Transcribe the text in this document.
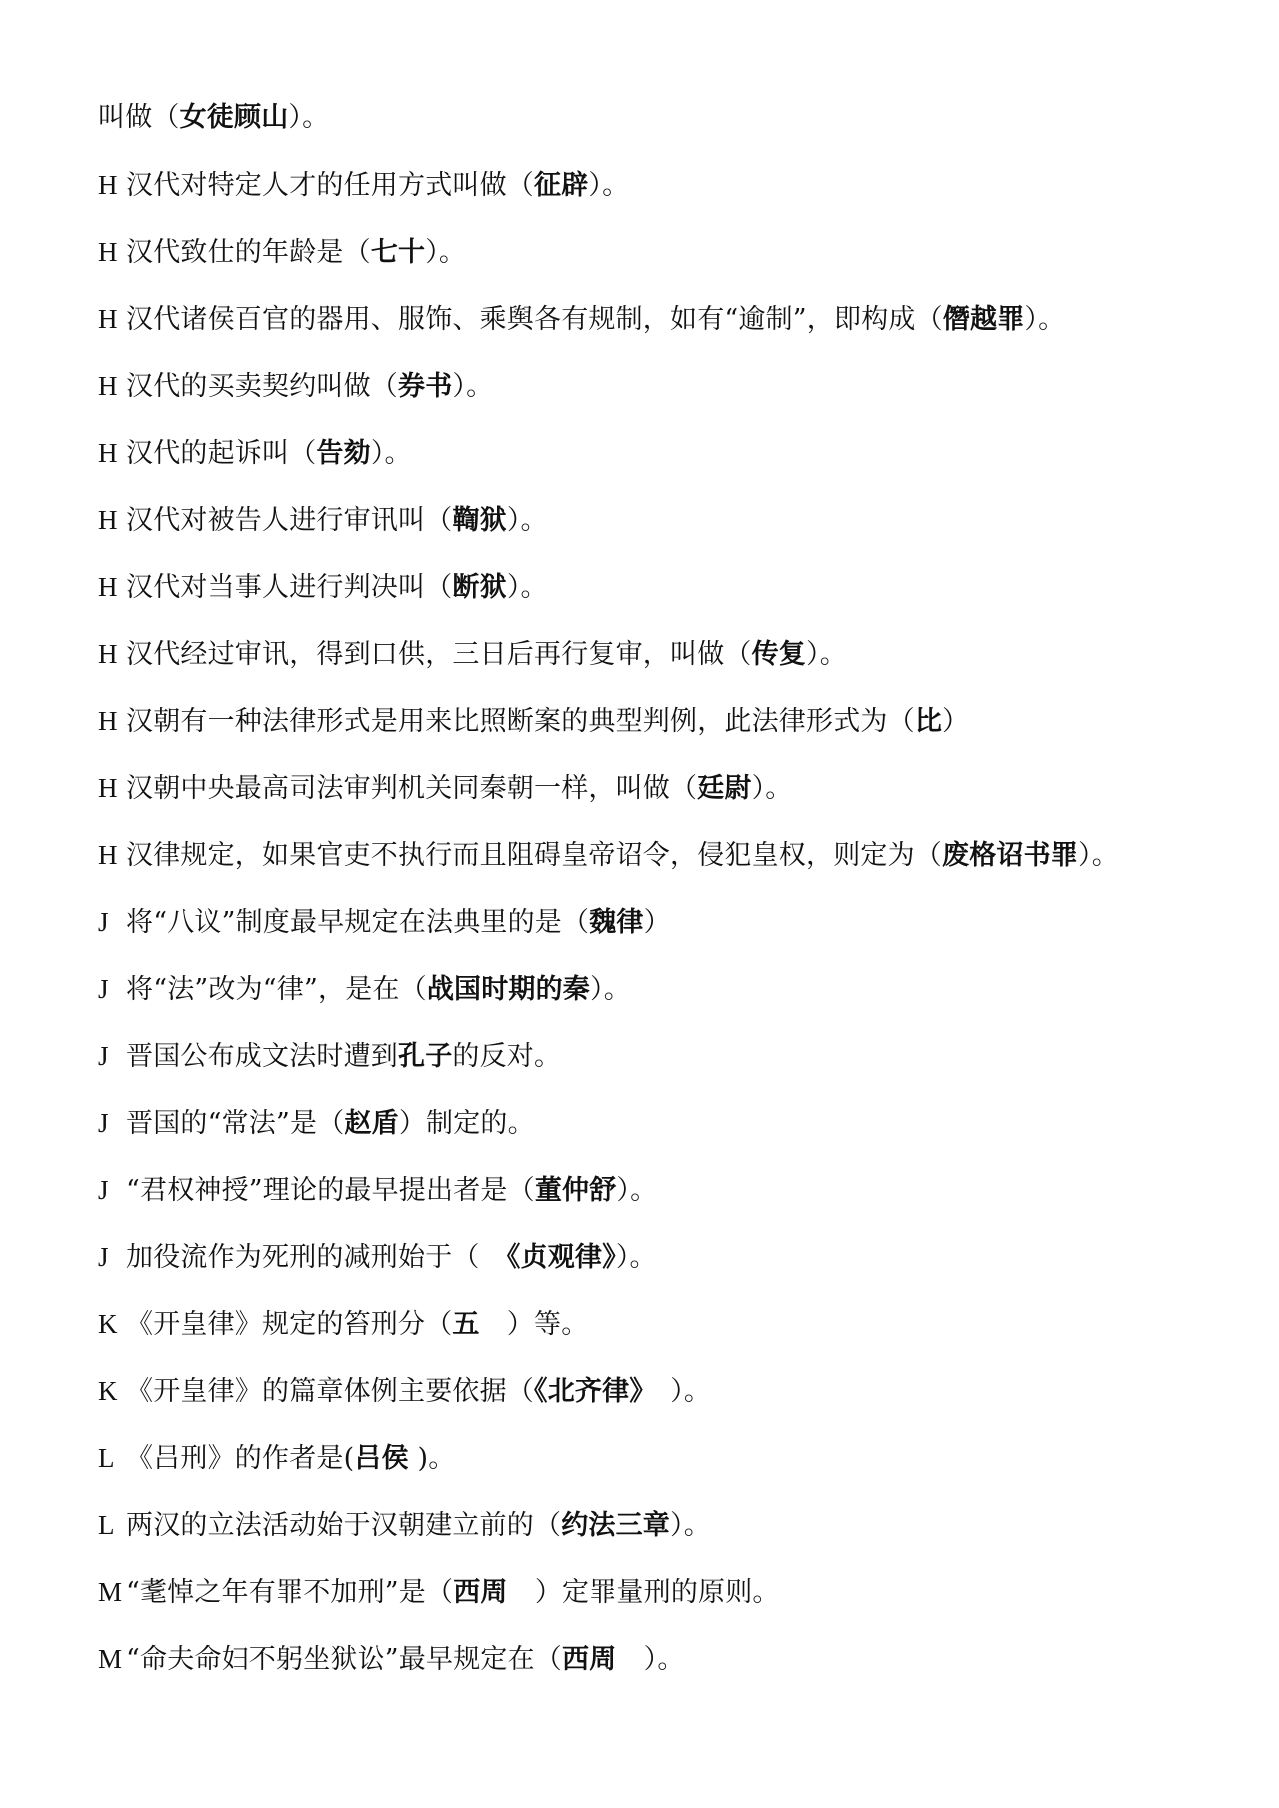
叫做（女徒顾山）。
H 汉代对特定人才的任用方式叫做（征辟）。
H 汉代致仕的年龄是（七十）。
H 汉代诸侯百官的器用、服饰、乘舆各有规制，如有“逾制”，即构成（僭越罪）。
H 汉代的买卖契约叫做（券书）。
H 汉代的起诉叫（告劾）。
H 汉代对被告人进行审讯叫（鞫狱）。
H 汉代对当事人进行判决叫（断狱）。
H 汉代经过审讯，得到口供，三日后再行复审，叫做（传复）。
H 汉朝有一种法律形式是用来比照断案的典型判例，此法律形式为（比）
H 汉朝中央最高司法审判机关同秦朝一样，叫做（廷尉）。
H 汉律规定，如果官吏不执行而且阻碍皇帝诏令，侵犯皇权，则定为（废格诏书罪）。
J 将“八议”制度最早规定在法典里的是（魏律）
J 将“法”改为“律”，是在（战国时期的秦）。
J 晋国公布成文法时遭到孔子的反对。
J 晋国的“常法”是（赵盾）制定的。
J “君权神授”理论的最早提出者是（董仲舒）。
J 加役流作为死刑的减刑始于（　《贞观律》）。
K 《开皇律》规定的笞刑分（五　）等。
K 《开皇律》的篇章体例主要依据（《北齐律》　）。
L 《吕刑》的作者是(吕侯 )。
L 两汉的立法活动始于汉朝建立前的（约法三章）。
M “耄悼之年有罪不加刑”是（西周　）定罪量刑的原则。
M “命夫命妇不躬坐狱讼”最早规定在（西周　）。
